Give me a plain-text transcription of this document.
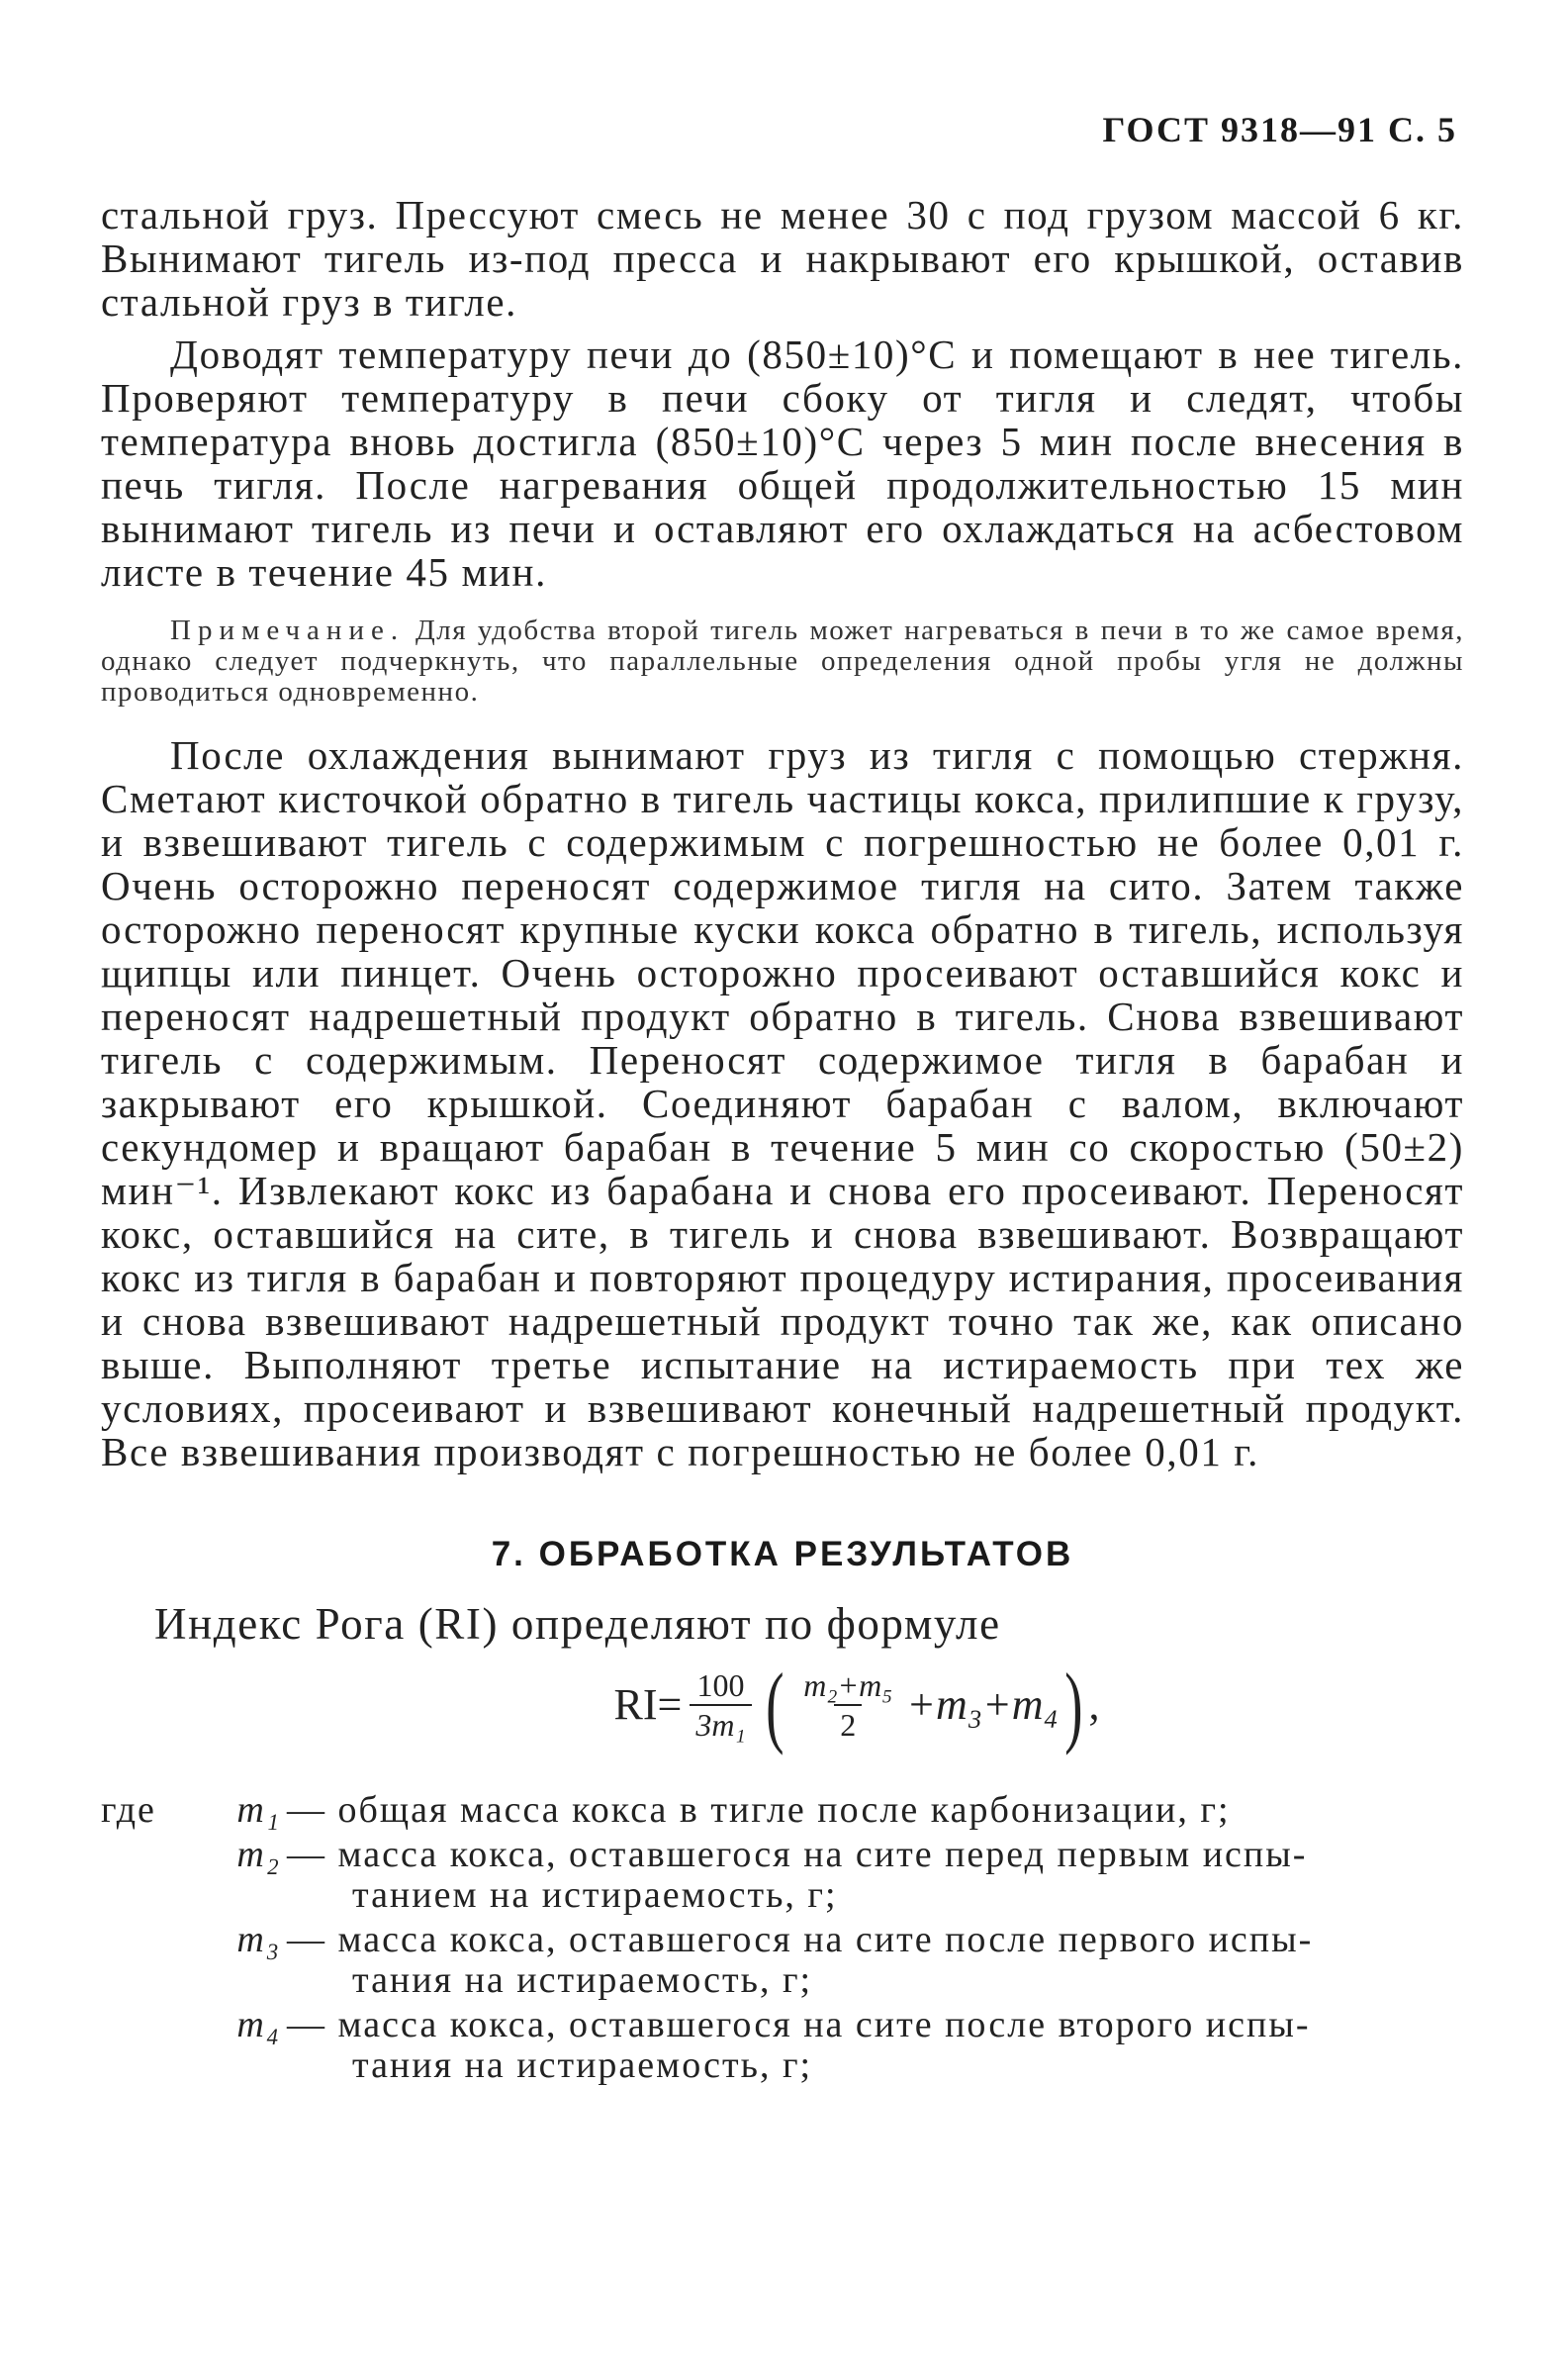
ГОСТ 9318—91 С. 5

стальной груз. Прессуют смесь не менее 30 с под грузом массой 6 кг. Вынимают тигель из-под пресса и накрывают его крышкой, оставив стальной груз в тигле.

Доводят температуру печи до (850±10)°С и помещают в нее тигель. Проверяют температуру в печи сбоку от тигля и следят, чтобы температура вновь достигла (850±10)°С через 5 мин после внесения в печь тигля. После нагревания общей продолжительностью 15 мин вынимают тигель из печи и оставляют его охлаждаться на асбестовом листе в течение 45 мин.

Примечание. Для удобства второй тигель может нагреваться в печи в то же самое время, однако следует подчеркнуть, что параллельные определения одной пробы угля не должны проводиться одновременно.

После охлаждения вынимают груз из тигля с помощью стержня. Сметают кисточкой обратно в тигель частицы кокса, прилипшие к грузу, и взвешивают тигель с содержимым с погрешностью не более 0,01 г. Очень осторожно переносят содержимое тигля на сито. Затем также осторожно переносят крупные куски кокса обратно в тигель, используя щипцы или пинцет. Очень осторожно просеивают оставшийся кокс и переносят надрешетный продукт обратно в тигель. Снова взвешивают тигель с содержимым. Переносят содержимое тигля в барабан и закрывают его крышкой. Соединяют барабан с валом, включают секундомер и вращают барабан в течение 5 мин со скоростью (50±2) мин⁻¹. Извлекают кокс из барабана и снова его просеивают. Переносят кокс, оставшийся на сите, в тигель и снова взвешивают. Возвращают кокс из тигля в барабан и повторяют процедуру истирания, просеивания и снова взвешивают надрешетный продукт точно так же, как описано выше. Выполняют третье испытание на истираемость при тех же условиях, просеивают и взвешивают конечный надрешетный продукт. Все взвешивания производят с погрешностью не более 0,01 г.

7. ОБРАБОТКА РЕЗУЛЬТАТОВ

Индекс Рога (RI) определяют по формуле

$RI= \frac{100}{\text{3m₁}}$ ( $\frac{\text{m₂+m₅}}{2} +m_3+m_4$ ) ,
где	m₁ — общая масса кокса в тигле после карбонизации, г;
m₂ — масса кокса, оставшегося на сите перед первым испы-
танием на истираемость, г;
m₃ — масса кокса, оставшегося на сите после первого испы-
тания на истираемость, г;
m₄ — масса кокса, оставшегося на сите после второго испы-
тания на истираемость, г;
